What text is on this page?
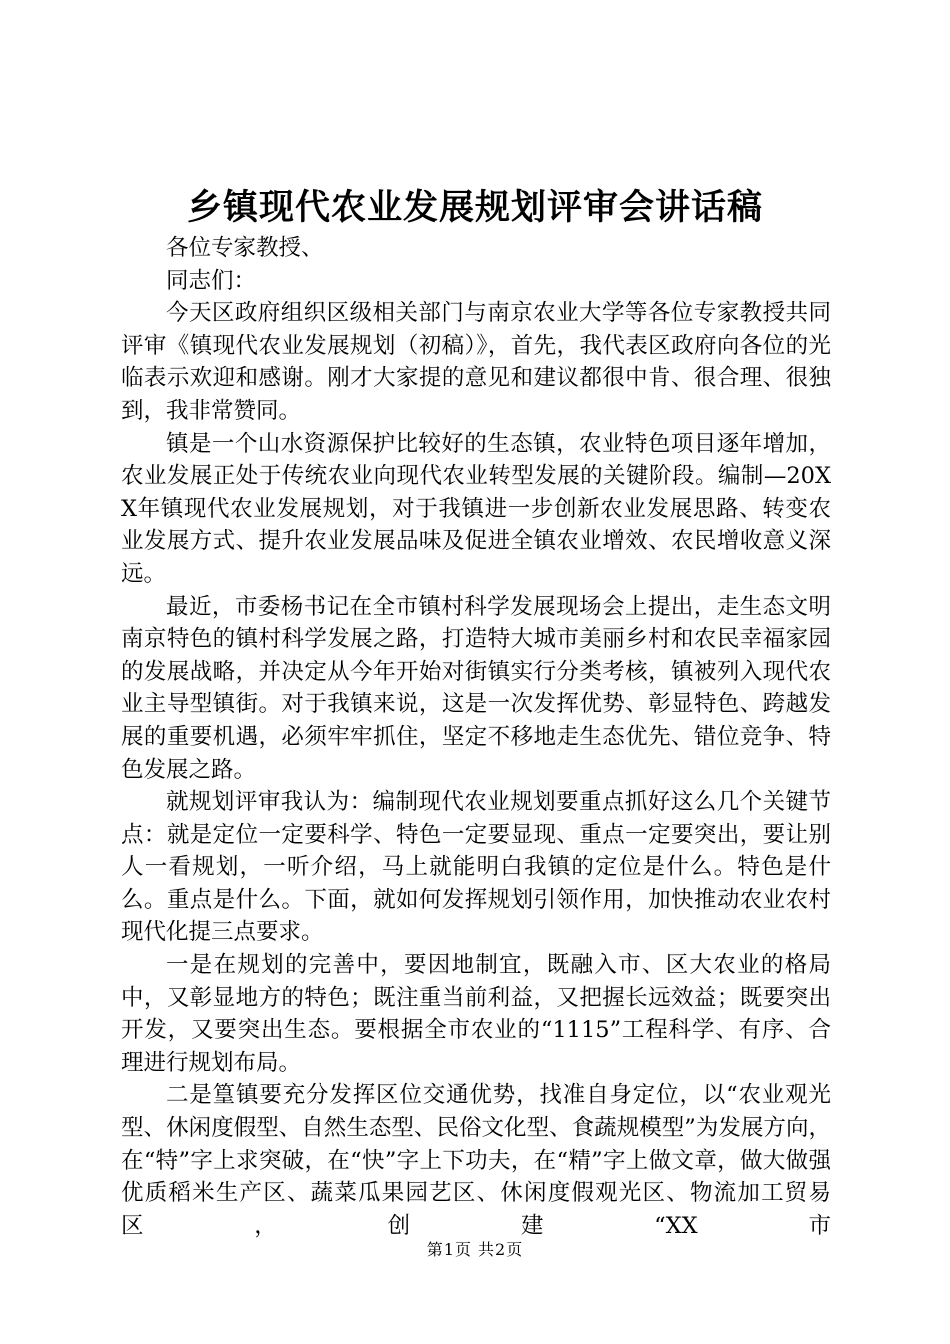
乡镇现代农业发展规划评审会讲话稿

各位专家教授、

同志们：

今天区政府组织区级相关部门与南京农业大学等各位专家教授共同评审《镇现代农业发展规划（初稿）》，首先，我代表区政府向各位的光临表示欢迎和感谢。刚才大家提的意见和建议都很中肯、很合理、很独到，我非常赞同。

镇是一个山水资源保护比较好的生态镇，农业特色项目逐年增加，农业发展正处于传统农业向现代农业转型发展的关键阶段。编制—20XX年镇现代农业发展规划，对于我镇进一步创新农业发展思路、转变农业发展方式、提升农业发展品味及促进全镇农业增效、农民增收意义深远。

最近，市委杨书记在全市镇村科学发展现场会上提出，走生态文明南京特色的镇村科学发展之路，打造特大城市美丽乡村和农民幸福家园的发展战略，并决定从今年开始对街镇实行分类考核，镇被列入现代农业主导型镇街。对于我镇来说，这是一次发挥优势、彰显特色、跨越发展的重要机遇，必须牢牢抓住，坚定不移地走生态优先、错位竞争、特色发展之路。

就规划评审我认为：编制现代农业规划要重点抓好这么几个关键节点：就是定位一定要科学、特色一定要显现、重点一定要突出，要让别人一看规划，一听介绍，马上就能明白我镇的定位是什么。特色是什么。重点是什么。下面，就如何发挥规划引领作用，加快推动农业农村现代化提三点要求。

一是在规划的完善中，要因地制宜，既融入市、区大农业的格局中，又彰显地方的特色；既注重当前利益，又把握长远效益；既要突出开发，又要突出生态。要根据全市农业的“1115”工程科学、有序、合理进行规划布局。

二是篁镇要充分发挥区位交通优势，找准自身定位，以“农业观光型、休闲度假型、自然生态型、民俗文化型、食蔬规模型”为发展方向，在“特”字上求突破，在“快”字上下功夫，在“精”字上做文章，做大做强优质稻米生产区、蔬菜瓜果园艺区、休闲度假观光区、物流加工贸易区，创建“XX市

第1页 共2页
